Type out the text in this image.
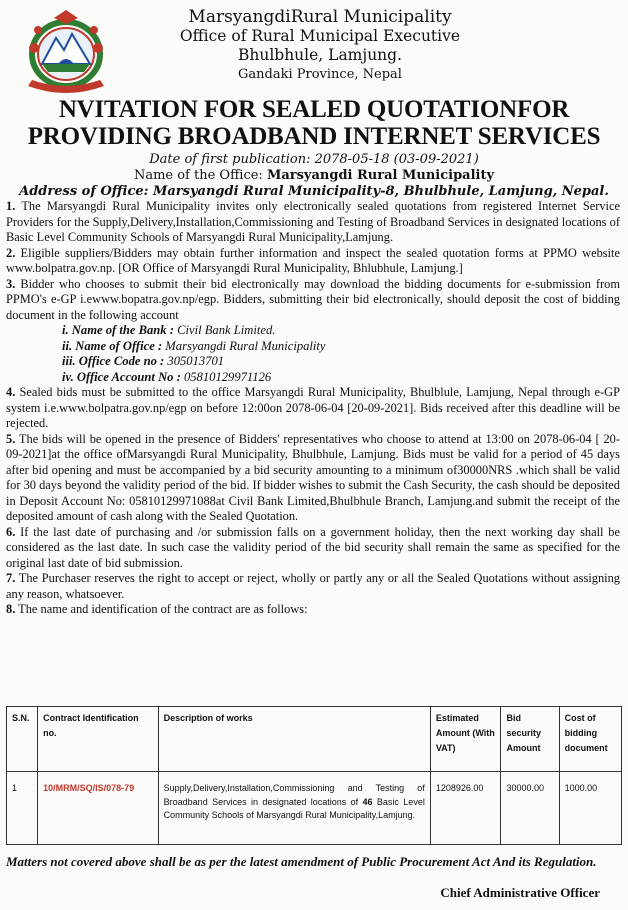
MarsyangdiRural Municipality
Office of Rural Municipal Executive
Bhulbhule, Lamjung.
Gandaki Province, Nepal
NVITATION FOR SEALED QUOTATIONFOR
PROVIDING BROADBAND INTERNET SERVICES
Date of first publication: 2078-05-18 (03-09-2021)
Name of the Office: Marsyangdi Rural Municipality
Address of Office: Marsyangdi Rural Municipality-8, Bhulbhule, Lamjung, Nepal.

1. The Marsyangdi Rural Municipality invites only electronically sealed quotations from registered Internet Service Providers for the Supply,Delivery,Installation,Commissioning and Testing of Broadband Services in designated locations of Basic Level Community Schools of Marsyangdi Rural Municipality,Lamjung.

2. Eligible suppliers/Bidders may obtain further information and inspect the sealed quotation forms at PPMO website www.bolpatra.gov.np. [OR Office of Marsyangdi Rural Municipality, Bhlubhule, Lamjung.]

3. Bidder who chooses to submit their bid electronically may download the bidding documents for e-submission from PPMO's e-GP i.ewww.bopatra.gov.np/egp. Bidders, submitting their bid electronically, should deposit the cost of bidding document in the following account

i. Name of the Bank : Civil Bank Limited.
ii. Name of Office : Marsyangdi Rural Municipality
iii. Office Code no : 305013701
iv. Office Account No : 05810129971126

4. Sealed bids must be submitted to the office Marsyangdi Rural Municipality, Bhulblule, Lamjung, Nepal through e-GP system i.e.www.bolpatra.gov.np/egp on before 12:00on 2078-06-04 [20-09-2021]. Bids received after this deadline will be rejected.

5. The bids will be opened in the presence of Bidders' representatives who choose to attend at 13:00 on 2078-06-04 [ 20-09-2021]at the office ofMarsyangdi Rural Municipality, Bhulbhule, Lamjung. Bids must be valid for a period of 45 days after bid opening and must be accompanied by a bid security amounting to a minimum of30000NRS .which shall be valid for 30 days beyond the validity period of the bid. If bidder wishes to submit the Cash Security, the cash should be deposited in Deposit Account No: 05810129971088at Civil Bank Limited,Bhulbhule Branch, Lamjung.and submit the receipt of the deposited amount of cash along with the Sealed Quotation.

6. If the last date of purchasing and /or submission falls on a government holiday, then the next working day shall be considered as the last date. In such case the validity period of the bid security shall remain the same as specified for the original last date of bid submission.

7. The Purchaser reserves the right to accept or reject, wholly or partly any or all the Sealed Quotations without assigning any reason, whatsoever.

8. The name and identification of the contract are as follows:

S.N.	Contract Identification no.	Description of works	Estimated Amount (With VAT)	Bid security Amount	Cost of bidding document
1	10/MRM/SQ/IS/078-79	Supply,Delivery,Installation,Commissioning and Testing of Broadband Services in designated locations of 46 Basic Level Community Schools of Marsyangdi Rural Municipality,Lamjung.	1208926.00	30000.00	1000.00
Matters not covered above shall be as per the latest amendment of Public Procurement Act And its Regulation.
Chief Administrative Officer
